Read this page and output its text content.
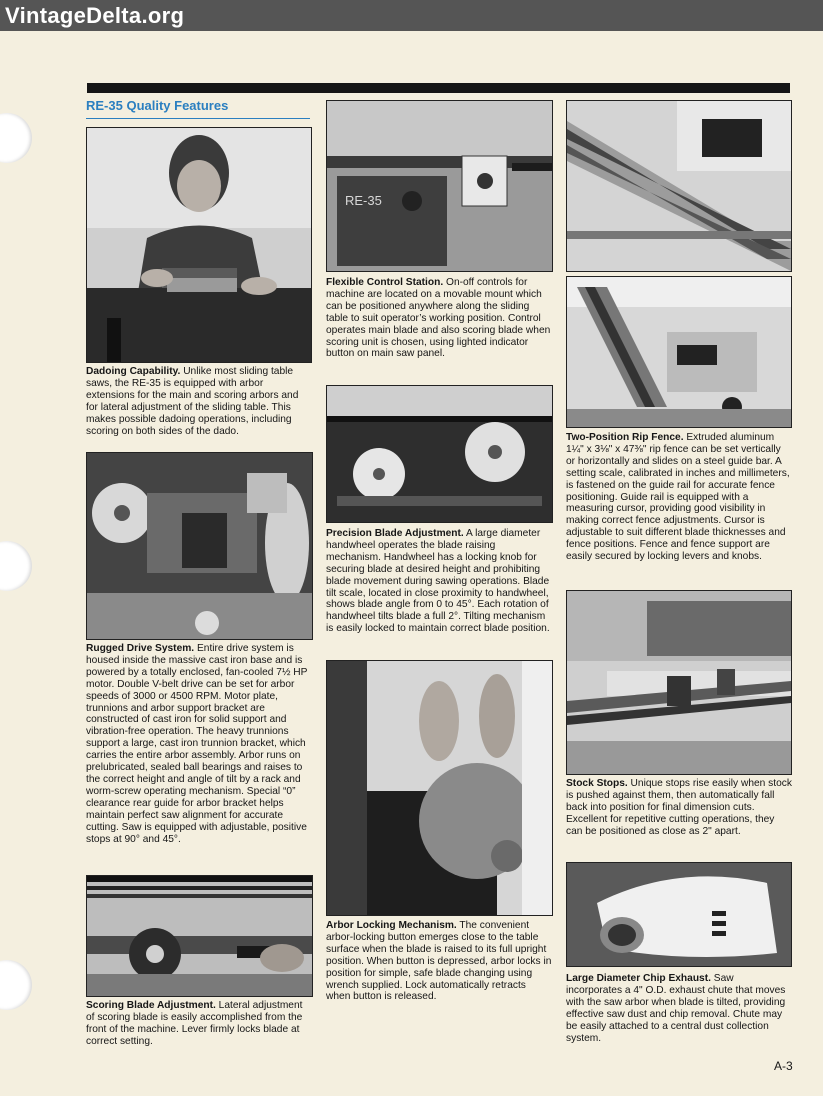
VintageDelta.org
RE-35 Quality Features
Dadoing Capability. Unlike most sliding table saws, the RE-35 is equipped with arbor extensions for the main and scoring arbors and for lateral adjustment of the sliding table. This makes possible dadoing operations, including scoring on both sides of the dado.
Rugged Drive System. Entire drive system is housed inside the massive cast iron base and is powered by a totally enclosed, fan-cooled 7½ HP motor. Double V-belt drive can be set for arbor speeds of 3000 or 4500 RPM. Motor plate, trunnions and arbor support bracket are constructed of cast iron for solid support and vibration-free operation. The heavy trunnions support a large, cast iron trunnion bracket, which carries the entire arbor assembly. Arbor runs on prelubricated, sealed ball bearings and raises to the correct height and angle of tilt by a rack and worm-screw operating mechanism. Special “0” clearance rear guide for arbor bracket helps maintain perfect saw alignment for accurate cutting. Saw is equipped with adjustable, positive stops at 90° and 45°.
Scoring Blade Adjustment. Lateral adjustment of scoring blade is easily accomplished from the front of the machine. Lever firmly locks blade at correct setting.
RE-35
Flexible Control Station. On-off controls for machine are located on a movable mount which can be positioned anywhere along the sliding table to suit operator’s working position. Control operates main blade and also scoring blade when scoring unit is chosen, using lighted indicator button on main saw panel.
Precision Blade Adjustment. A large diameter handwheel operates the blade raising mechanism. Handwheel has a locking knob for securing blade at desired height and prohibiting blade movement during sawing operations. Blade tilt scale, located in close proximity to handwheel, shows blade angle from 0 to 45°. Each rotation of handwheel tilts blade a full 2°. Tilting mechanism is easily locked to maintain correct blade position.
Arbor Locking Mechanism. The convenient arbor-locking button emerges close to the table surface when the blade is raised to its full upright position. When button is depressed, arbor locks in position for simple, safe blade changing using wrench supplied. Lock automatically retracts when button is released.
Two-Position Rip Fence. Extruded aluminum 1¼" x 3⅛" x 47⅜" rip fence can be set vertically or horizontally and slides on a steel guide bar. A setting scale, calibrated in inches and millimeters, is fastened on the guide rail for accurate fence positioning. Guide rail is equipped with a measuring cursor, providing good visibility in making correct fence adjustments. Cursor is adjustable to suit different blade thicknesses and fence positions. Fence and fence support are easily secured by locking levers and knobs.
Stock Stops. Unique stops rise easily when stock is pushed against them, then automatically fall back into position for final dimension cuts. Excellent for repetitive cutting operations, they can be positioned as close as 2" apart.
Large Diameter Chip Exhaust. Saw incorporates a 4" O.D. exhaust chute that moves with the saw arbor when blade is tilted, providing effective saw dust and chip removal. Chute may be easily attached to a central dust collection system.
A-3
